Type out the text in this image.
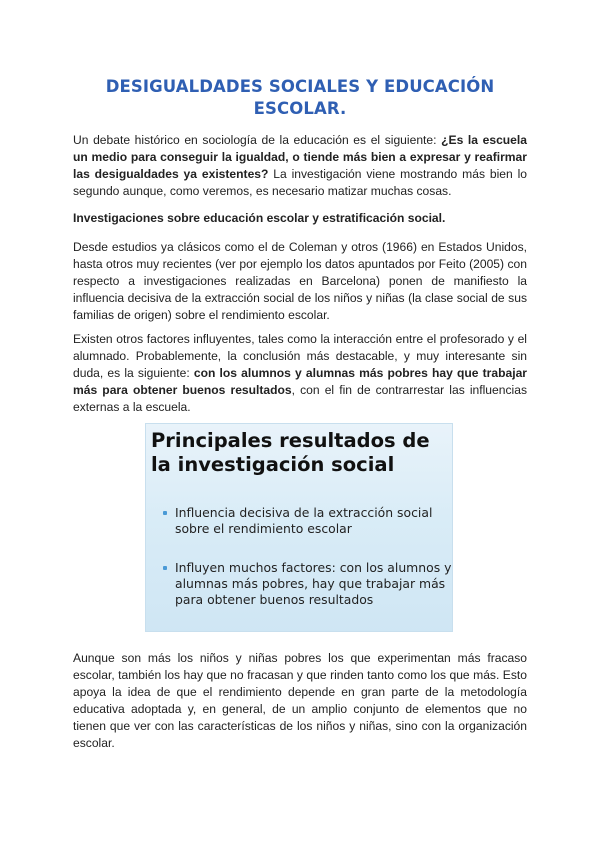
DESIGUALDADES SOCIALES Y EDUCACIÓN ESCOLAR.

Un debate histórico en sociología de la educación es el siguiente: ¿Es la escuela un medio para conseguir la igualdad, o tiende más bien a expresar y reafirmar las desigualdades ya existentes? La investigación viene mostrando más bien lo segundo aunque, como veremos, es necesario matizar muchas cosas.

Investigaciones sobre educación escolar y estratificación social.

Desde estudios ya clásicos como el de Coleman y otros (1966) en Estados Unidos, hasta otros muy recientes (ver por ejemplo los datos apuntados por Feito (2005) con respecto a investigaciones realizadas en Barcelona) ponen de manifiesto la influencia decisiva de la extracción social de los niños y niñas (la clase social de sus familias de origen) sobre el rendimiento escolar.

Existen otros factores influyentes, tales como la interacción entre el profesorado y el alumnado. Probablemente, la conclusión más destacable, y muy interesante sin duda, es la siguiente: con los alumnos y alumnas más pobres hay que trabajar más para obtener buenos resultados, con el fin de contrarrestar las influencias externas a la escuela.

Principales resultados de la investigación social
Influencia decisiva de la extracción social sobre el rendimiento escolar
Influyen muchos factores: con los alumnos y alumnas más pobres, hay que trabajar más para obtener buenos resultados

Aunque son más los niños y niñas pobres los que experimentan más fracaso escolar, también los hay que no fracasan y que rinden tanto como los que más. Esto apoya la idea de que el rendimiento depende en gran parte de la metodología educativa adoptada y, en general, de un amplio conjunto de elementos que no tienen que ver con las características de los niños y niñas, sino con la organización escolar.
